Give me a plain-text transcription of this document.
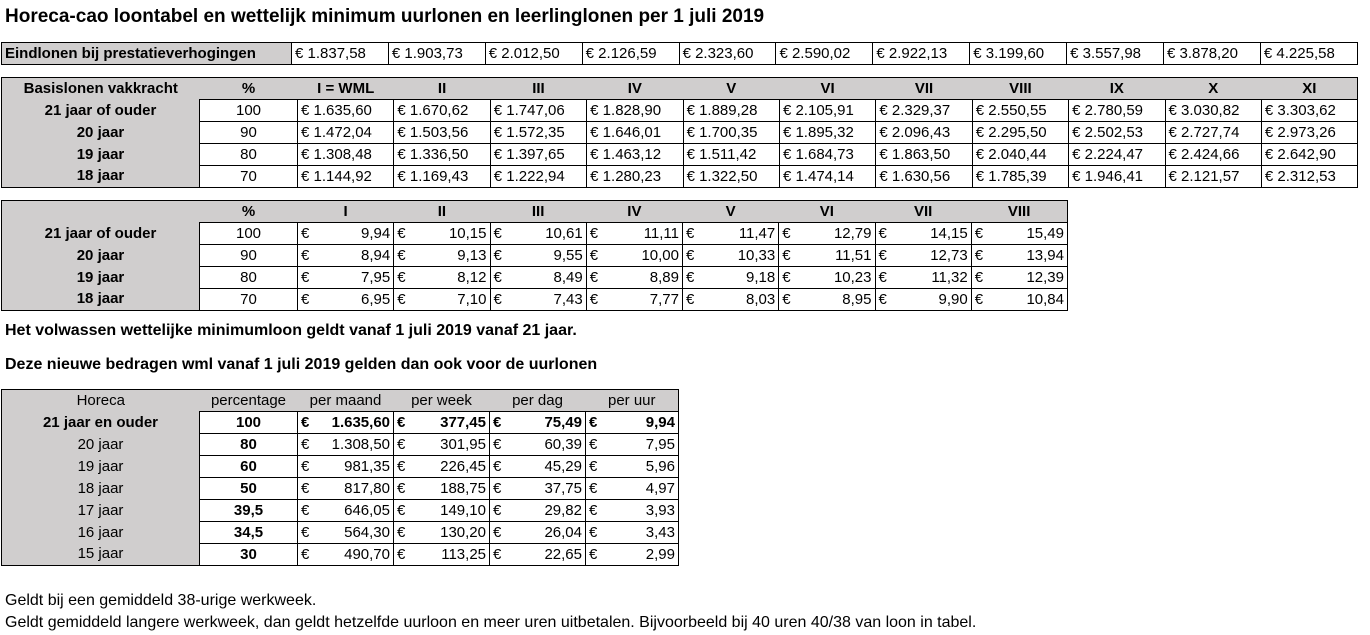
Horeca-cao loontabel en wettelijk minimum uurlonen en leerlinglonen per 1 juli 2019
Eindlonen bij prestatieverhogingen	€ 1.837,58	€ 1.903,73	€ 2.012,50	€ 2.126,59	€ 2.323,60	€ 2.590,02	€ 2.922,13	€ 3.199,60	€ 3.557,98	€ 3.878,20	€ 4.225,58
Basislonen vakkracht	%	I = WML	II	III	IV	V	VI	VII	VIII	IX	X	XI
21 jaar of ouder	100	€ 1.635,60	€ 1.670,62	€ 1.747,06	€ 1.828,90	€ 1.889,28	€ 2.105,91	€ 2.329,37	€ 2.550,55	€ 2.780,59	€ 3.030,82	€ 3.303,62
20 jaar	90	€ 1.472,04	€ 1.503,56	€ 1.572,35	€ 1.646,01	€ 1.700,35	€ 1.895,32	€ 2.096,43	€ 2.295,50	€ 2.502,53	€ 2.727,74	€ 2.973,26
19 jaar	80	€ 1.308,48	€ 1.336,50	€ 1.397,65	€ 1.463,12	€ 1.511,42	€ 1.684,73	€ 1.863,50	€ 2.040,44	€ 2.224,47	€ 2.424,66	€ 2.642,90
18 jaar	70	€ 1.144,92	€ 1.169,43	€ 1.222,94	€ 1.280,23	€ 1.322,50	€ 1.474,14	€ 1.630,56	€ 1.785,39	€ 1.946,41	€ 2.121,57	€ 2.312,53
	%	I	II	III	IV	V	VI	VII	VIII
21 jaar of ouder	100	€ 9,94	€ 10,15	€ 10,61	€ 11,11	€ 11,47	€ 12,79	€ 14,15	€ 15,49

20 jaar	90	€ 8,94	€ 9,13	€ 9,55	€ 10,00	€ 10,33	€ 11,51	€ 12,73	€ 13,94

19 jaar	80	€ 7,95	€ 8,12	€ 8,49	€ 8,89	€ 9,18	€ 10,23	€ 11,32	€ 12,39

18 jaar	70	€ 6,95	€ 7,10	€ 7,43	€ 7,77	€ 8,03	€ 8,95	€ 9,90	€ 10,84
Het volwassen wettelijke minimumloon geldt vanaf 1 juli 2019 vanaf 21 jaar.
Deze nieuwe bedragen wml vanaf 1 juli 2019 gelden dan ook voor de uurlonen
Horeca	percentage	per maand	per week	per dag	per uur
21 jaar en ouder	100	€ 1.635,60	€ 377,45	€ 75,49	€ 9,94

20 jaar	80	€ 1.308,50	€ 301,95	€ 60,39	€ 7,95

19 jaar	60	€ 981,35	€ 226,45	€ 45,29	€ 5,96

18 jaar	50	€ 817,80	€ 188,75	€ 37,75	€ 4,97

17 jaar	39,5	€ 646,05	€ 149,10	€ 29,82	€ 3,93

16 jaar	34,5	€ 564,30	€ 130,20	€ 26,04	€ 3,43

15 jaar	30	€ 490,70	€ 113,25	€ 22,65	€ 2,99
Geldt bij een gemiddeld 38-urige werkweek.
Geldt gemiddeld langere werkweek, dan geldt hetzelfde uurloon en meer uren uitbetalen. Bijvoorbeeld bij 40 uren 40/38 van loon in tabel.
